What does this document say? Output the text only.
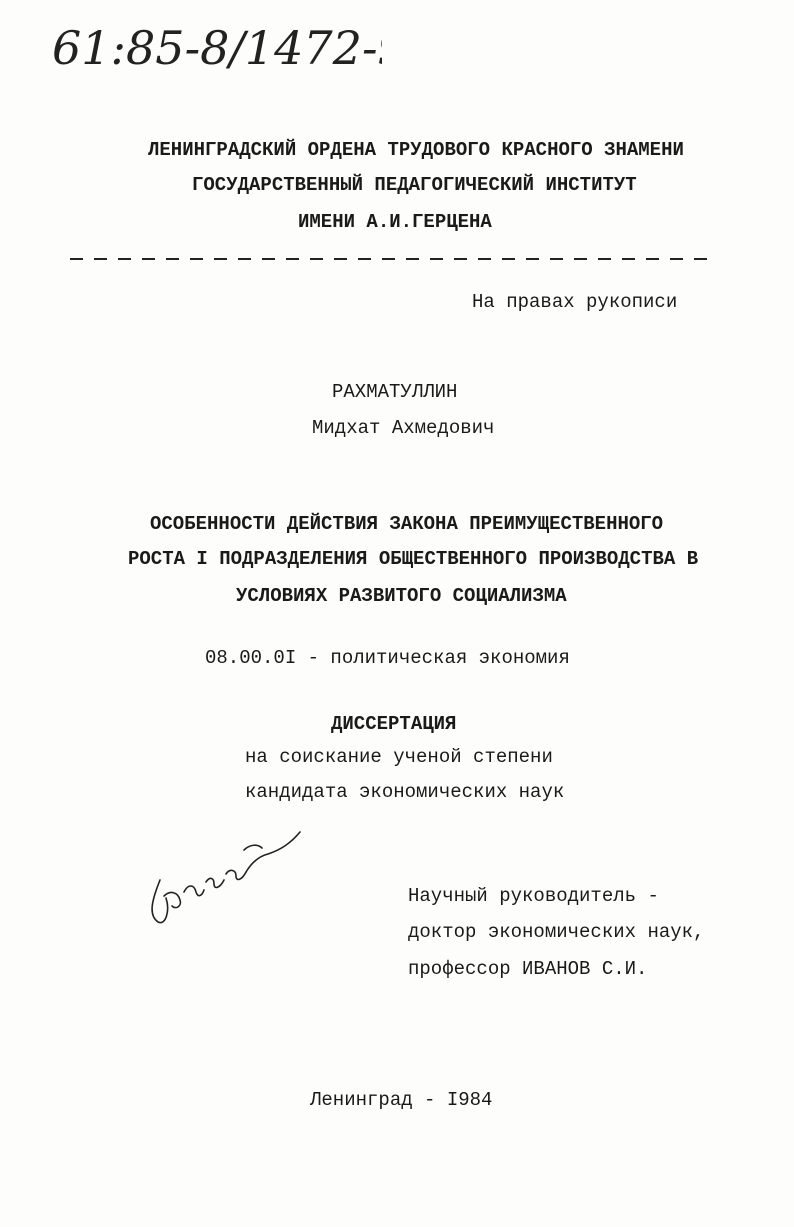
61:85-8/1472-9
ЛЕНИНГРАДСКИЙ ОРДЕНА ТРУДОВОГО КРАСНОГО ЗНАМЕНИ
ГОСУДАРСТВЕННЫЙ ПЕДАГОГИЧЕСКИЙ ИНСТИТУТ
ИМЕНИ А.И.ГЕРЦЕНА
На правах рукописи
РАХМАТУЛЛИН
Мидхат Ахмедович
ОСОБЕННОСТИ ДЕЙСТВИЯ ЗАКОНА ПРЕИМУЩЕСТВЕННОГО
РОСТА I ПОДРАЗДЕЛЕНИЯ ОБЩЕСТВЕННОГО ПРОИЗВОДСТВА В
УСЛОВИЯХ РАЗВИТОГО СОЦИАЛИЗМА
08.00.0I - политическая экономия
ДИССЕРТАЦИЯ
на соискание ученой степени
кандидата экономических наук
Научный руководитель -
доктор экономических наук,
профессор ИВАНОВ С.И.
Ленинград - I984
